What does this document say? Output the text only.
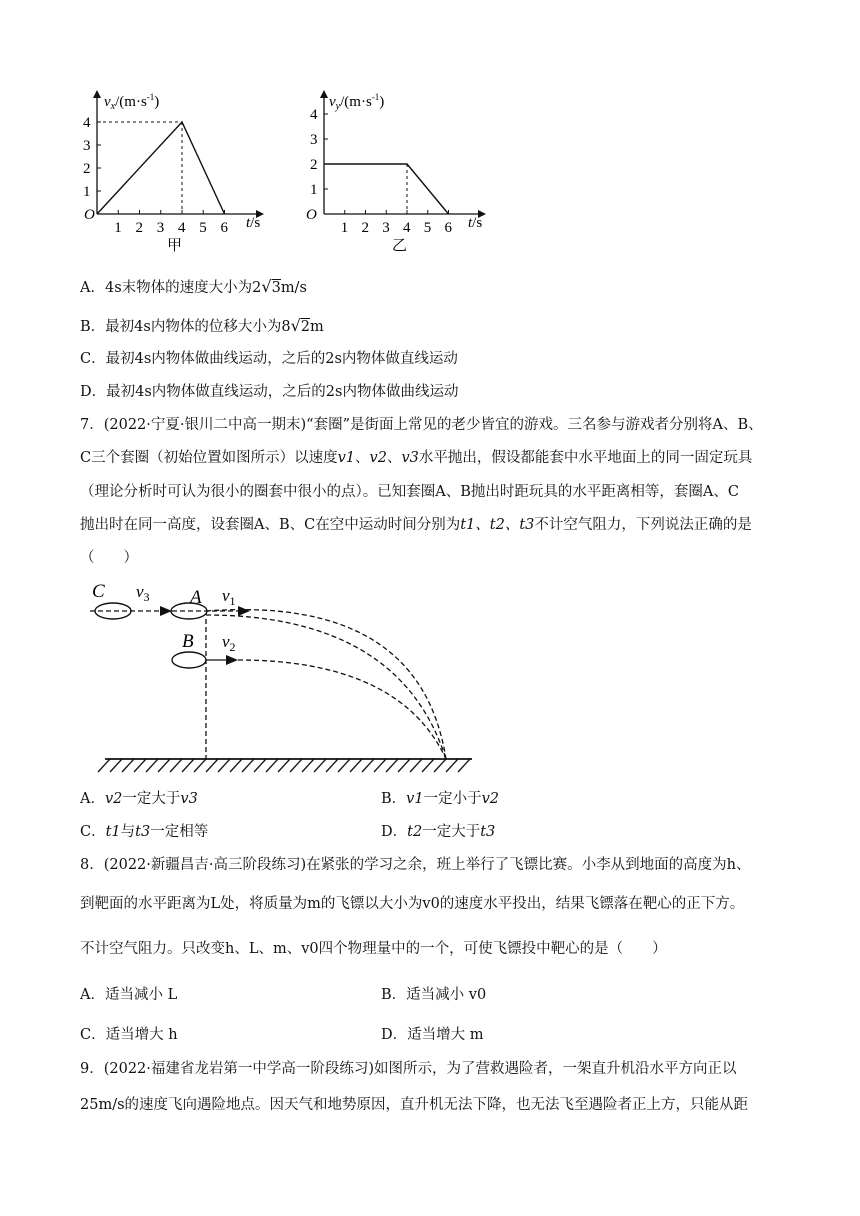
1 2 3 4 5 6
1
2
3
4
O
$v_x/(m\cdot s^{-1})$
t/s
甲
1 2 3 4 5 6
1
2
3
4
O
$v_y/(m\cdot s^{-1})$
t/s
乙
A．4s末物体的速度大小为2√3m/s
B．最初4s内物体的位移大小为8√2m
C．最初4s内物体做曲线运动，之后的2s内物体做直线运动
D．最初4s内物体做直线运动，之后的2s内物体做曲线运动
7．(2022·宁夏·银川二中高一期末)“套圈”是街面上常见的老少皆宜的游戏。三名参与游戏者分别将A、B、
C三个套圈（初始位置如图所示）以速度v1、v2、v3水平抛出，假设都能套中水平地面上的同一固定玩具
（理论分析时可认为很小的圈套中很小的点）。已知套圈A、B抛出时距玩具的水平距离相等，套圈A、C
抛出时在同一高度，设套圈A、B、C在空中运动时间分别为t1、t2、t3不计空气阻力，下列说法正确的是
（　　）
C $v_3$ A $v_1$
B $v_2$
A．v2一定大于v3	B．v1一定小于v2
C．t1与t3一定相等	D．t2一定大于t3
8．(2022·新疆昌吉·高三阶段练习)在紧张的学习之余，班上举行了飞镖比赛。小李从到地面的高度为h、
到靶面的水平距离为L处，将质量为m的飞镖以大小为v0的速度水平投出，结果飞镖落在靶心的正下方。
不计空气阻力。只改变h、L、m、v0四个物理量中的一个，可使飞镖投中靶心的是（　　）
A．适当减小 L	B．适当减小 v0
C．适当增大 h	D．适当增大 m
9．(2022·福建省龙岩第一中学高一阶段练习)如图所示，为了营救遇险者，一架直升机沿水平方向正以
25m/s的速度飞向遇险地点。因天气和地势原因，直升机无法下降，也无法飞至遇险者正上方，只能从距
